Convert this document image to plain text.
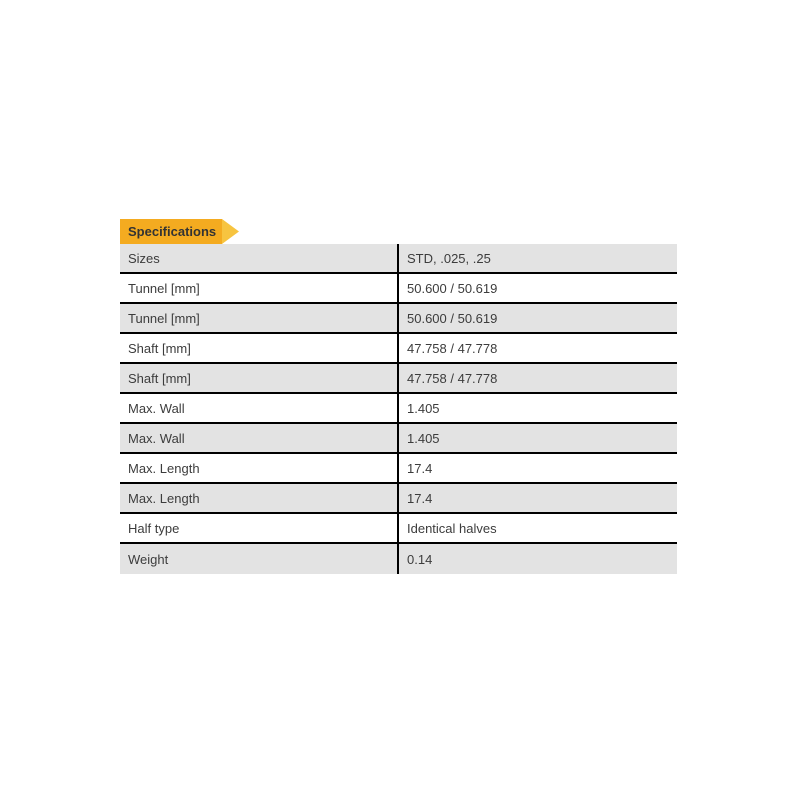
Specifications
Sizes	STD, .025, .25
Tunnel [mm]	50.600 / 50.619
Tunnel [mm]	50.600 / 50.619
Shaft [mm]	47.758 / 47.778
Shaft [mm]	47.758 / 47.778
Max. Wall	1.405
Max. Wall	1.405
Max. Length	17.4
Max. Length	17.4
Half type	Identical halves
Weight	0.14
